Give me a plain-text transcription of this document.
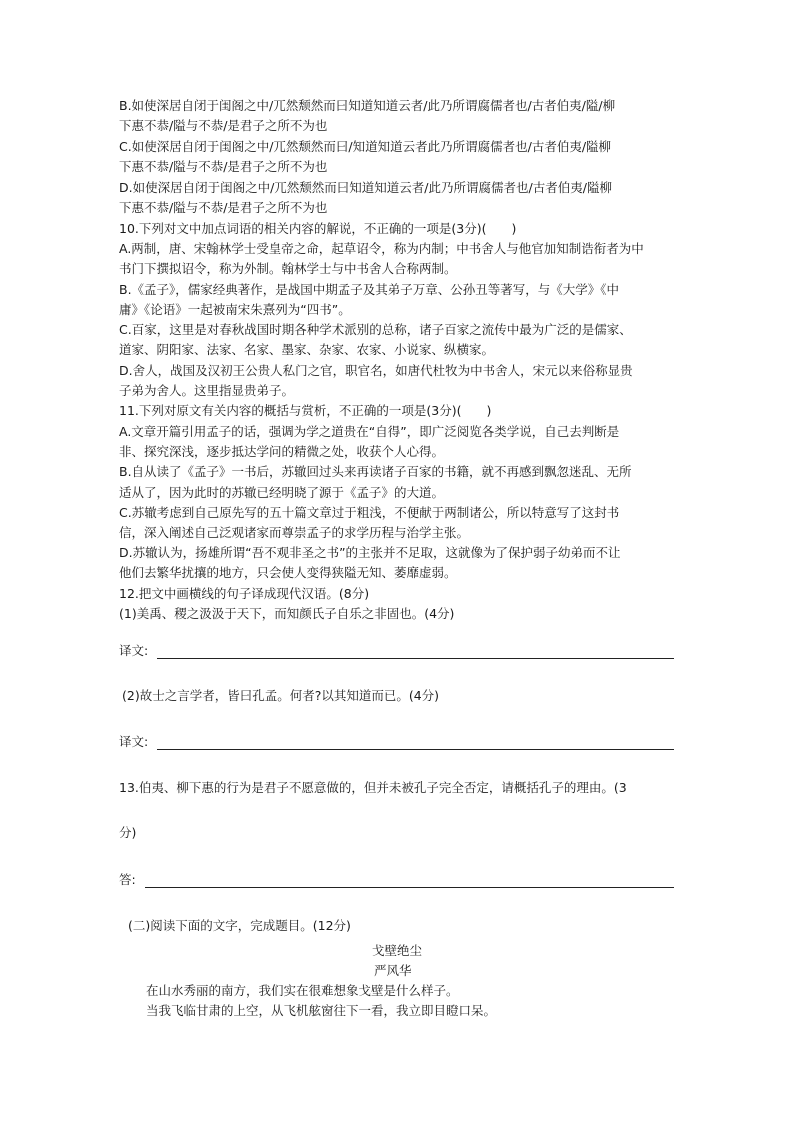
B.如使深居自闭于闺阁之中/兀然颓然而曰知道知道云者/此乃所谓腐儒者也/古者伯夷/隘/柳
下惠不恭/隘与不恭/是君子之所不为也
C.如使深居自闭于闺阁之中/兀然颓然而曰/知道知道云者此乃所谓腐儒者也/古者伯夷/隘柳
下惠不恭/隘与不恭/是君子之所不为也
D.如使深居自闭于闺阁之中/兀然颓然而曰知道知道云者/此乃所谓腐儒者也/古者伯夷/隘柳
下惠不恭/隘与不恭/是君子之所不为也
10.下列对文中加点词语的相关内容的解说，不正确的一项是(3分)(　　)
A.两制，唐、宋翰林学士受皇帝之命，起草诏令，称为内制；中书舍人与他官加知制诰衔者为中
书门下撰拟诏令，称为外制。翰林学士与中书舍人合称两制。
B.《孟子》，儒家经典著作，是战国中期孟子及其弟子万章、公孙丑等著写，与《大学》《中
庸》《论语》一起被南宋朱熹列为“四书”。
C.百家，这里是对春秋战国时期各种学术派别的总称，诸子百家之流传中最为广泛的是儒家、
道家、阴阳家、法家、名家、墨家、杂家、农家、小说家、纵横家。
D.舍人，战国及汉初王公贵人私门之官，职官名，如唐代杜牧为中书舍人，宋元以来俗称显贵
子弟为舍人。这里指显贵弟子。
11.下列对原文有关内容的概括与赏析，不正确的一项是(3分)(　　)
A.文章开篇引用孟子的话，强调为学之道贵在“自得”，即广泛阅览各类学说，自己去判断是
非、探究深浅，逐步抵达学问的精微之处，收获个人心得。
B.自从读了《孟子》一书后，苏辙回过头来再读诸子百家的书籍，就不再感到飘忽迷乱、无所
适从了，因为此时的苏辙已经明晓了源于《孟子》的大道。
C.苏辙考虑到自己原先写的五十篇文章过于粗浅，不便献于两制诸公，所以特意写了这封书
信，深入阐述自己泛观诸家而尊崇孟子的求学历程与治学主张。
D.苏辙认为，扬雄所谓“吾不观非圣之书”的主张并不足取，这就像为了保护弱子幼弟而不让
他们去繁华扰攘的地方，只会使人变得狭隘无知、萎靡虚弱。
12.把文中画横线的句子译成现代汉语。(8分)
(1)美禹、稷之汲汲于天下，而知颜氏子自乐之非固也。(4分)
译文:
(2)故士之言学者，皆曰孔孟。何者?以其知道而已。(4分)
译文:
13.伯夷、柳下惠的行为是君子不愿意做的，但并未被孔子完全否定，请概括孔子的理由。(3
分)
答:
(二)阅读下面的文字，完成题目。(12分)
戈壁绝尘
严风华
在山水秀丽的南方，我们实在很难想象戈壁是什么样子。
当我飞临甘肃的上空，从飞机舷窗往下一看，我立即目瞪口呆。
